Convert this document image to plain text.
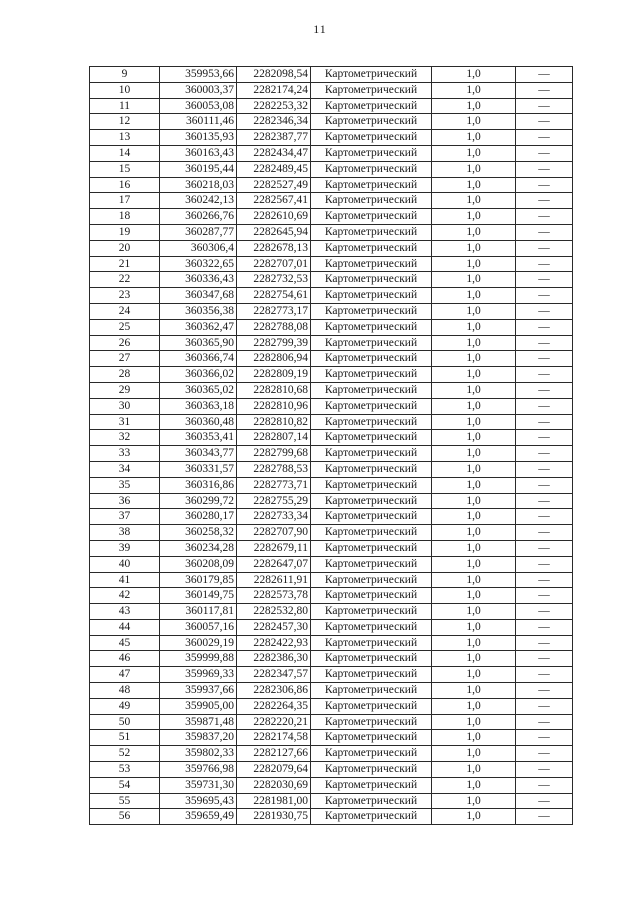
11
9	359953,66	2282098,54	Картометрический	1,0	—
10	360003,37	2282174,24	Картометрический	1,0	—
11	360053,08	2282253,32	Картометрический	1,0	—
12	360111,46	2282346,34	Картометрический	1,0	—
13	360135,93	2282387,77	Картометрический	1,0	—
14	360163,43	2282434,47	Картометрический	1,0	—
15	360195,44	2282489,45	Картометрический	1,0	—
16	360218,03	2282527,49	Картометрический	1,0	—
17	360242,13	2282567,41	Картометрический	1,0	—
18	360266,76	2282610,69	Картометрический	1,0	—
19	360287,77	2282645,94	Картометрический	1,0	—
20	360306,4	2282678,13	Картометрический	1,0	—
21	360322,65	2282707,01	Картометрический	1,0	—
22	360336,43	2282732,53	Картометрический	1,0	—
23	360347,68	2282754,61	Картометрический	1,0	—
24	360356,38	2282773,17	Картометрический	1,0	—
25	360362,47	2282788,08	Картометрический	1,0	—
26	360365,90	2282799,39	Картометрический	1,0	—
27	360366,74	2282806,94	Картометрический	1,0	—
28	360366,02	2282809,19	Картометрический	1,0	—
29	360365,02	2282810,68	Картометрический	1,0	—
30	360363,18	2282810,96	Картометрический	1,0	—
31	360360,48	2282810,82	Картометрический	1,0	—
32	360353,41	2282807,14	Картометрический	1,0	—
33	360343,77	2282799,68	Картометрический	1,0	—
34	360331,57	2282788,53	Картометрический	1,0	—
35	360316,86	2282773,71	Картометрический	1,0	—
36	360299,72	2282755,29	Картометрический	1,0	—
37	360280,17	2282733,34	Картометрический	1,0	—
38	360258,32	2282707,90	Картометрический	1,0	—
39	360234,28	2282679,11	Картометрический	1,0	—
40	360208,09	2282647,07	Картометрический	1,0	—
41	360179,85	2282611,91	Картометрический	1,0	—
42	360149,75	2282573,78	Картометрический	1,0	—
43	360117,81	2282532,80	Картометрический	1,0	—
44	360057,16	2282457,30	Картометрический	1,0	—
45	360029,19	2282422,93	Картометрический	1,0	—
46	359999,88	2282386,30	Картометрический	1,0	—
47	359969,33	2282347,57	Картометрический	1,0	—
48	359937,66	2282306,86	Картометрический	1,0	—
49	359905,00	2282264,35	Картометрический	1,0	—
50	359871,48	2282220,21	Картометрический	1,0	—
51	359837,20	2282174,58	Картометрический	1,0	—
52	359802,33	2282127,66	Картометрический	1,0	—
53	359766,98	2282079,64	Картометрический	1,0	—
54	359731,30	2282030,69	Картометрический	1,0	—
55	359695,43	2281981,00	Картометрический	1,0	—
56	359659,49	2281930,75	Картометрический	1,0	—
